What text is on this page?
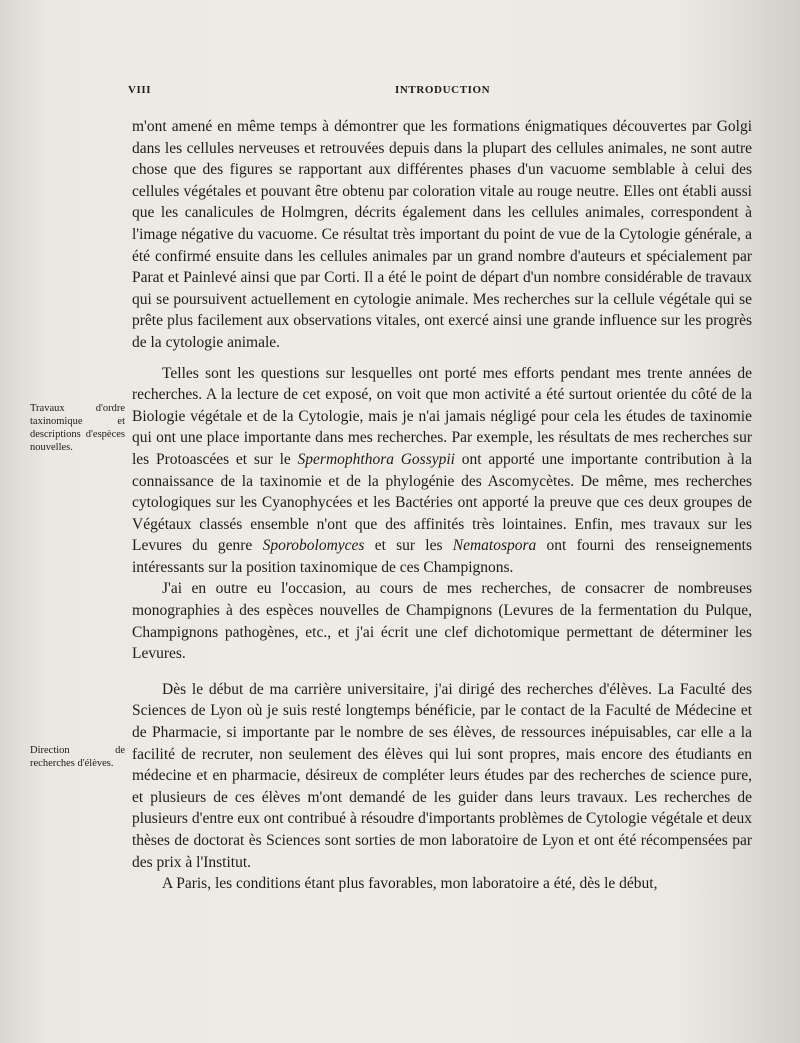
VIII	INTRODUCTION
Travaux d'ordre taxinomique et descriptions d'espèces nouvelles.
Direction de recherches d'élèves.

m'ont amené en même temps à démontrer que les formations énigmatiques découvertes par Golgi dans les cellules nerveuses et retrouvées depuis dans la plupart des cellules animales, ne sont autre chose que des figures se rapportant aux différentes phases d'un vacuome semblable à celui des cellules végétales et pouvant être obtenu par coloration vitale au rouge neutre. Elles ont établi aussi que les canalicules de Holmgren, décrits également dans les cellules animales, correspondent à l'image négative du vacuome. Ce résultat très important du point de vue de la Cytologie générale, a été confirmé ensuite dans les cellules animales par un grand nombre d'auteurs et spécialement par Parat et Painlevé ainsi que par Corti. Il a été le point de départ d'un nombre considérable de travaux qui se poursuivent actuellement en cytologie animale. Mes recherches sur la cellule végétale qui se prête plus facilement aux observations vitales, ont exercé ainsi une grande influence sur les progrès de la cytologie animale.

Telles sont les questions sur lesquelles ont porté mes efforts pendant mes trente années de recherches. A la lecture de cet exposé, on voit que mon activité a été surtout orientée du côté de la Biologie végétale et de la Cytologie, mais je n'ai jamais négligé pour cela les études de taxinomie qui ont une place importante dans mes recherches. Par exemple, les résultats de mes recherches sur les Protoascées et sur le Spermophthora Gossypii ont apporté une importante contribution à la connaissance de la taxinomie et de la phylogénie des Ascomycètes. De même, mes recherches cytologiques sur les Cyanophycées et les Bactéries ont apporté la preuve que ces deux groupes de Végétaux classés ensemble n'ont que des affinités très lointaines. Enfin, mes travaux sur les Levures du genre Sporobolomyces et sur les Nematospora ont fourni des renseignements intéressants sur la position taxinomique de ces Champignons.

J'ai en outre eu l'occasion, au cours de mes recherches, de consacrer de nombreuses monographies à des espèces nouvelles de Champignons (Levures de la fermentation du Pulque, Champignons pathogènes, etc., et j'ai écrit une clef dichotomique permettant de déterminer les Levures.

Dès le début de ma carrière universitaire, j'ai dirigé des recherches d'élèves. La Faculté des Sciences de Lyon où je suis resté longtemps bénéficie, par le contact de la Faculté de Médecine et de Pharmacie, si importante par le nombre de ses élèves, de ressources inépuisables, car elle a la facilité de recruter, non seulement des élèves qui lui sont propres, mais encore des étudiants en médecine et en pharmacie, désireux de compléter leurs études par des recherches de science pure, et plusieurs de ces élèves m'ont demandé de les guider dans leurs travaux. Les recherches de plusieurs d'entre eux ont contribué à résoudre d'importants problèmes de Cytologie végétale et deux thèses de doctorat ès Sciences sont sorties de mon laboratoire de Lyon et ont été récompensées par des prix à l'Institut.

A Paris, les conditions étant plus favorables, mon laboratoire a été, dès le début,
